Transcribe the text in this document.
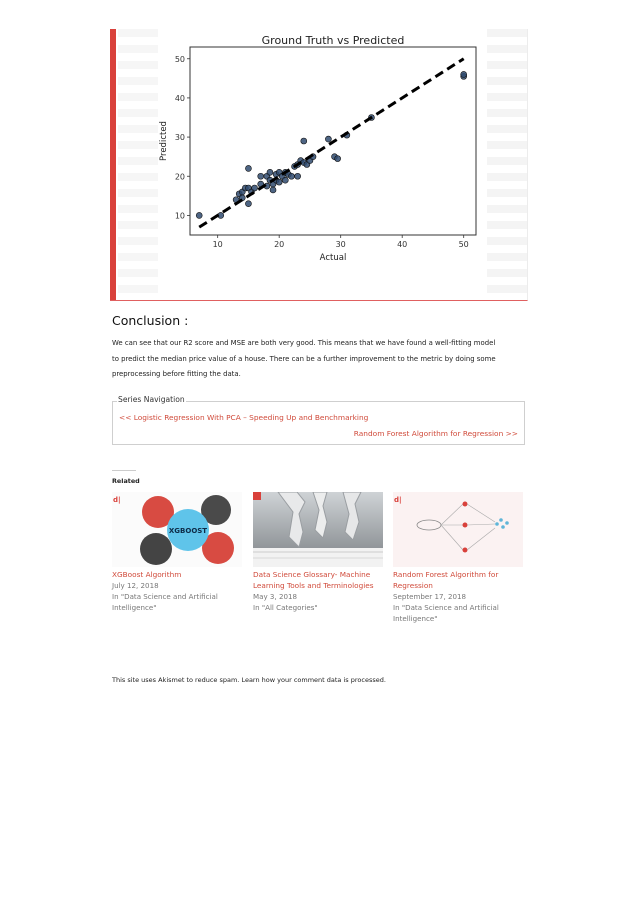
Ground Truth vs Predicted
10	20	30	40	50
10
20
30
40
50
Actual
Predicted
Conclusion :
We can see that our R2 score and MSE are both very good. This means that we have found a well-fitting model
to predict the median price value of a house. There can be a further improvement to the metric by doing some
preprocessing before fitting the data.
Series Navigation
<< Logistic Regression With PCA – Speeding Up and Benchmarking
Random Forest Algorithm for Regression >>
Related
d|
XGBOOST
XGBoost Algorithm
July 12, 2018
In "Data Science and Artificial Intelligence"
Data Science Glossary- Machine Learning Tools and Terminologies
May 3, 2018
In "All Categories"
d|
Random Forest Algorithm for Regression
September 17, 2018
In "Data Science and Artificial Intelligence"
This site uses Akismet to reduce spam. Learn how your comment data is processed.
